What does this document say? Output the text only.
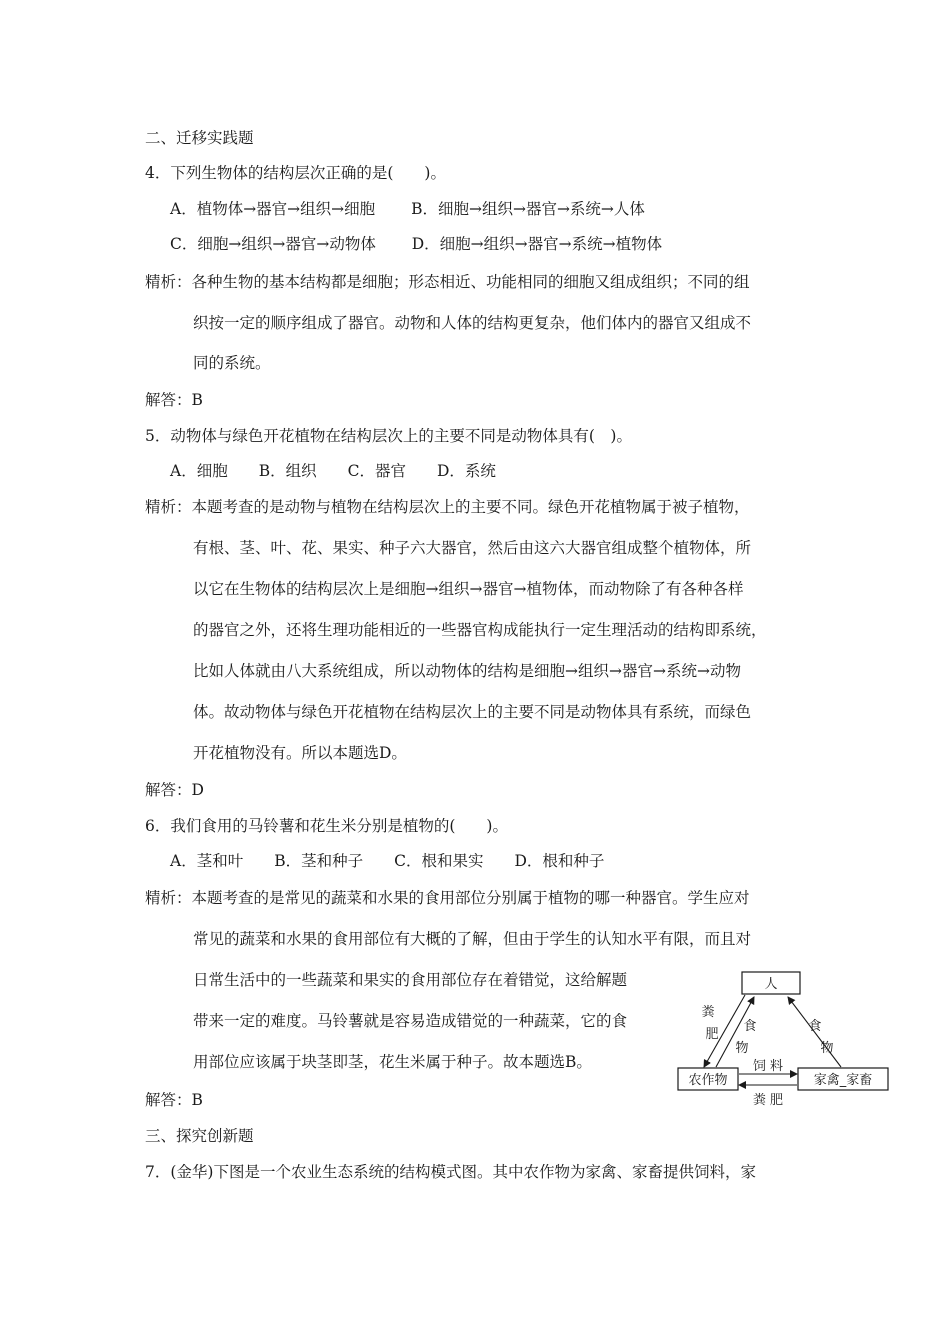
二、迁移实践题
4．下列生物体的结构层次正确的是(　　)。
A．植物体→器官→组织→细胞　　 B．细胞→组织→器官→系统→人体
C．细胞→组织→器官→动物体　　 D．细胞→组织→器官→系统→植物体
精析：各种生物的基本结构都是细胞；形态相近、功能相同的细胞又组成组织；不同的组
织按一定的顺序组成了器官。动物和人体的结构更复杂，他们体内的器官又组成不
同的系统。
解答：B
5．动物体与绿色开花植物在结构层次上的主要不同是动物体具有(　)。
A．细胞　　B．组织　　C．器官　　D．系统
精析：本题考查的是动物与植物在结构层次上的主要不同。绿色开花植物属于被子植物，
有根、茎、叶、花、果实、种子六大器官，然后由这六大器官组成整个植物体，所
以它在生物体的结构层次上是细胞→组织→器官→植物体，而动物除了有各种各样
的器官之外，还将生理功能相近的一些器官构成能执行一定生理活动的结构即系统，
比如人体就由八大系统组成，所以动物体的结构是细胞→组织→器官→系统→动物
体。故动物体与绿色开花植物在结构层次上的主要不同是动物体具有系统，而绿色
开花植物没有。所以本题选D。
解答：D
6．我们食用的马铃薯和花生米分别是植物的(　　)。
A．茎和叶　　B．茎和种子　　C．根和果实　　D．根和种子
精析：本题考查的是常见的蔬菜和水果的食用部位分别属于植物的哪一种器官。学生应对
常见的蔬菜和水果的食用部位有大概的了解，但由于学生的认知水平有限，而且对
日常生活中的一些蔬菜和果实的食用部位存在着错觉，这给解题
带来一定的难度。马铃薯就是容易造成错觉的一种蔬菜，它的食
用部位应该属于块茎即茎，花生米属于种子。故本题选B。
解答：B
三、探究创新题
7．(金华)下图是一个农业生态系统的结构模式图。其中农作物为家禽、家畜提供饲料，家
人
农作物	家禽_家畜
粪
肥
食
物
食
物
饲 料
粪 肥
